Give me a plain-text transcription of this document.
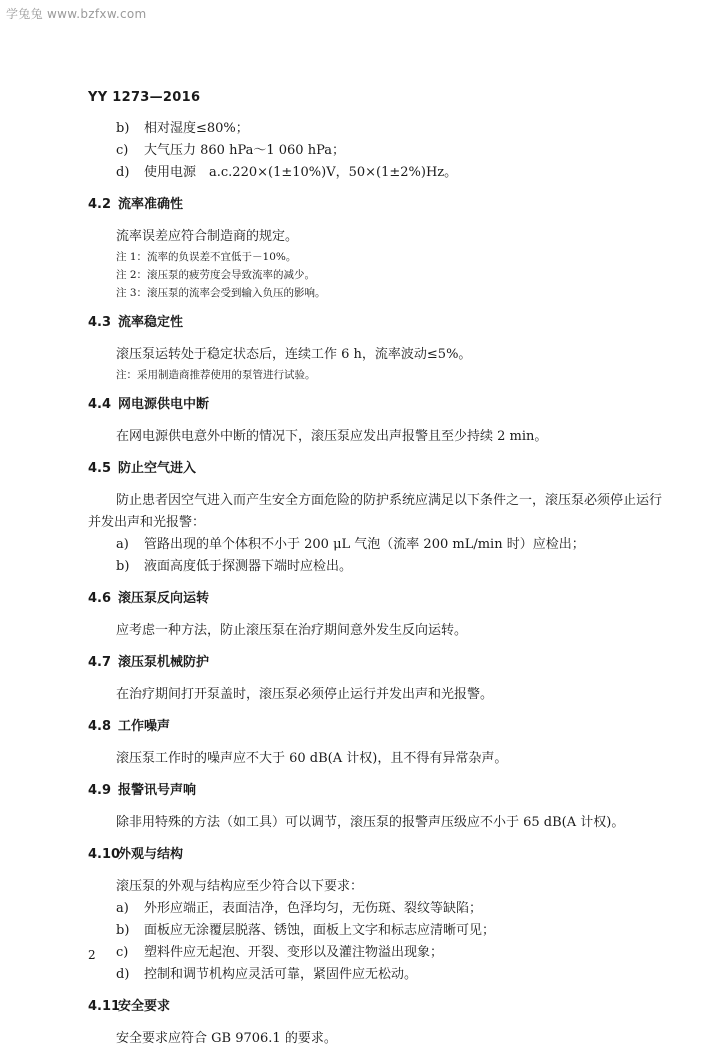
学兔兔 www.bzfxw.com
YY 1273—2016
b) 相对湿度≤80%；
c) 大气压力 860 hPa～1 060 hPa；
d) 使用电源　a.c.220×(1±10%)V，50×(1±2%)Hz。
4.2 流率准确性
流率误差应符合制造商的规定。
注 1：流率的负误差不宜低于－10%。
注 2：滚压泵的疲劳度会导致流率的减少。
注 3：滚压泵的流率会受到输入负压的影响。
4.3 流率稳定性
滚压泵运转处于稳定状态后，连续工作 6 h，流率波动≤5%。
注：采用制造商推荐使用的泵管进行试验。
4.4 网电源供电中断
在网电源供电意外中断的情况下，滚压泵应发出声报警且至少持续 2 min。
4.5 防止空气进入
防止患者因空气进入而产生安全方面危险的防护系统应满足以下条件之一，滚压泵必须停止运行
并发出声和光报警：
a) 管路出现的单个体积不小于 200 μL 气泡（流率 200 mL/min 时）应检出；
b) 液面高度低于探测器下端时应检出。
4.6 滚压泵反向运转
应考虑一种方法，防止滚压泵在治疗期间意外发生反向运转。
4.7 滚压泵机械防护
在治疗期间打开泵盖时，滚压泵必须停止运行并发出声和光报警。
4.8 工作噪声
滚压泵工作时的噪声应不大于 60 dB(A 计权)，且不得有异常杂声。
4.9 报警讯号声响
除非用特殊的方法（如工具）可以调节，滚压泵的报警声压级应不小于 65 dB(A 计权)。
4.10外观与结构
滚压泵的外观与结构应至少符合以下要求：
a) 外形应端正，表面洁净，色泽均匀，无伤斑、裂纹等缺陷；
b) 面板应无涂覆层脱落、锈蚀，面板上文字和标志应清晰可见；
c) 塑料件应无起泡、开裂、变形以及灌注物溢出现象；
d) 控制和调节机构应灵活可靠，紧固件应无松动。
4.11安全要求
安全要求应符合 GB 9706.1 的要求。
2
